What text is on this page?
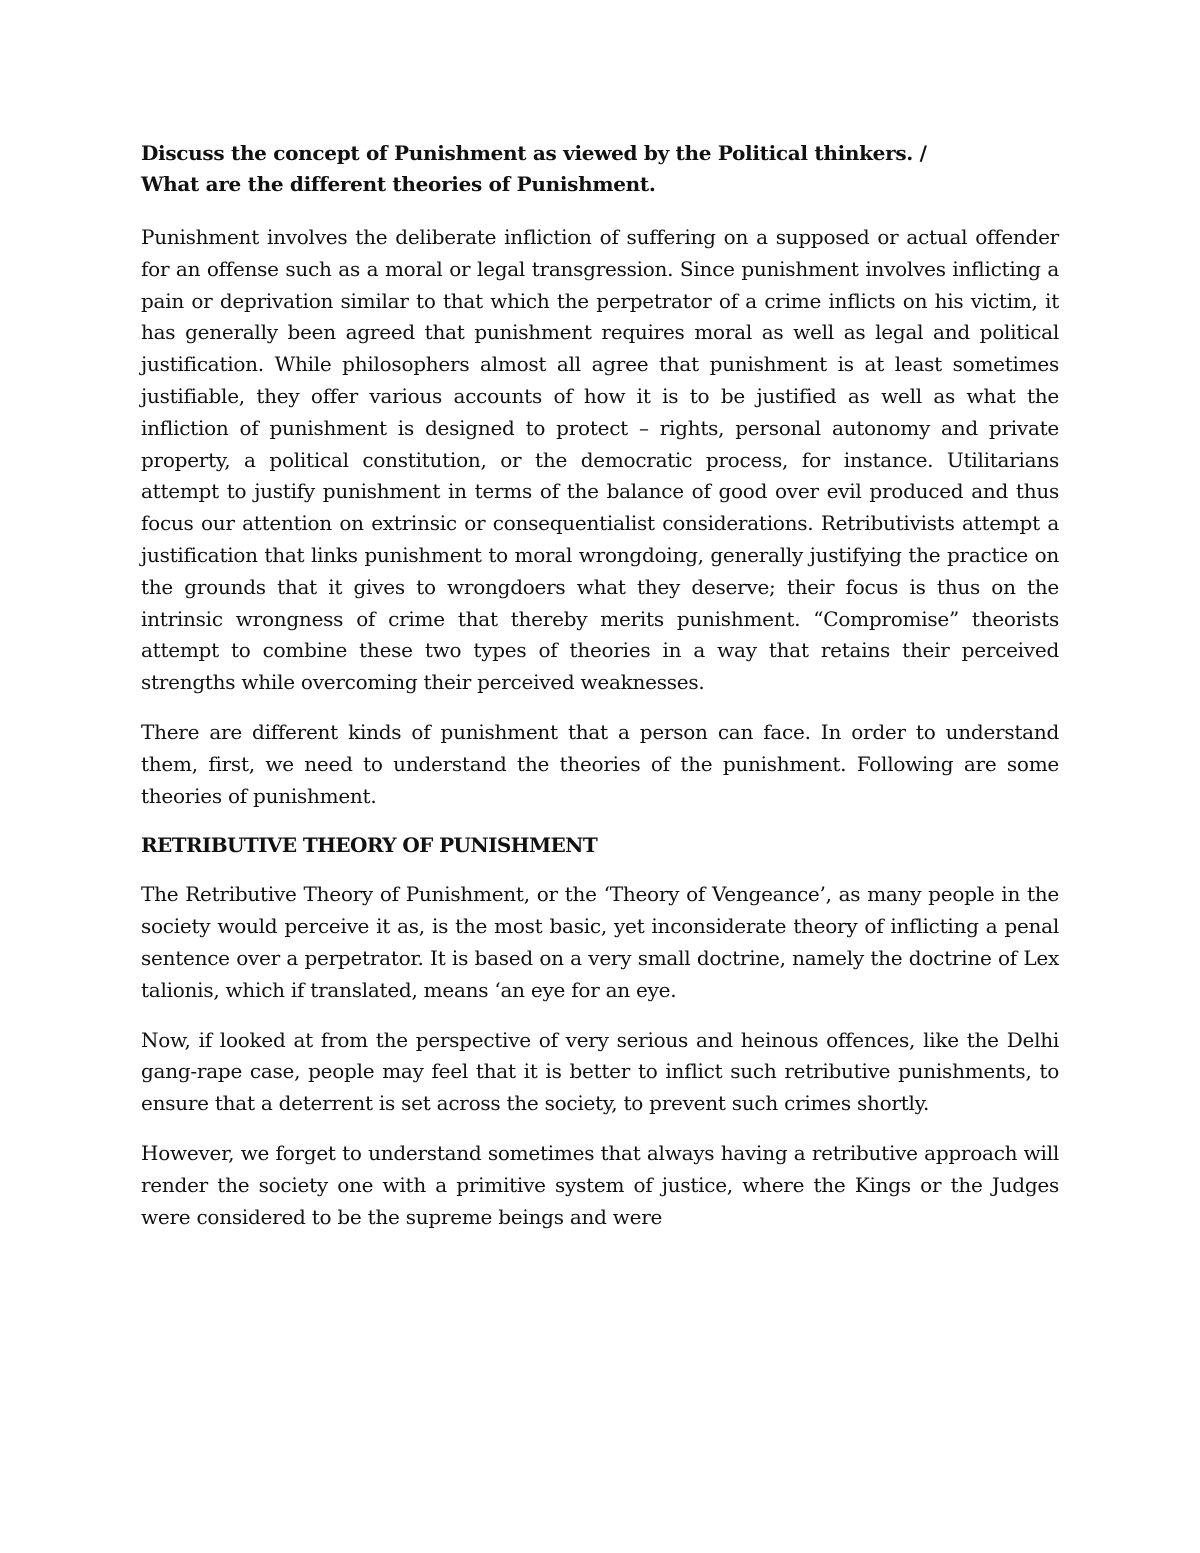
Discuss the concept of Punishment as viewed by the Political thinkers. /
What are the different theories of Punishment.

Punishment involves the deliberate infliction of suffering on a supposed or actual offender for an offense such as a moral or legal transgression. Since punishment involves inflicting a pain or deprivation similar to that which the perpetrator of a crime inflicts on his victim, it has generally been agreed that punishment requires moral as well as legal and political justification. While philosophers almost all agree that punishment is at least sometimes justifiable, they offer various accounts of how it is to be justified as well as what the infliction of punishment is designed to protect – rights, personal autonomy and private property, a political constitution, or the democratic process, for instance. Utilitarians attempt to justify punishment in terms of the balance of good over evil produced and thus focus our attention on extrinsic or consequentialist considerations. Retributivists attempt a justification that links punishment to moral wrongdoing, generally justifying the practice on the grounds that it gives to wrongdoers what they deserve; their focus is thus on the intrinsic wrongness of crime that thereby merits punishment. “Compromise” theorists attempt to combine these two types of theories in a way that retains their perceived strengths while overcoming their perceived weaknesses.

There are different kinds of punishment that a person can face. In order to understand them, first, we need to understand the theories of the punishment. Following are some theories of punishment.

RETRIBUTIVE THEORY OF PUNISHMENT

The Retributive Theory of Punishment, or the ‘Theory of Vengeance’, as many people in the society would perceive it as, is the most basic, yet inconsiderate theory of inflicting a penal sentence over a perpetrator. It is based on a very small doctrine, namely the doctrine of Lex talionis, which if translated, means ‘an eye for an eye.

Now, if looked at from the perspective of very serious and heinous offences, like the Delhi gang-rape case, people may feel that it is better to inflict such retributive punishments, to ensure that a deterrent is set across the society, to prevent such crimes shortly.

However, we forget to understand sometimes that always having a retributive approach will render the society one with a primitive system of justice, where the Kings or the Judges were considered to be the supreme beings and were
